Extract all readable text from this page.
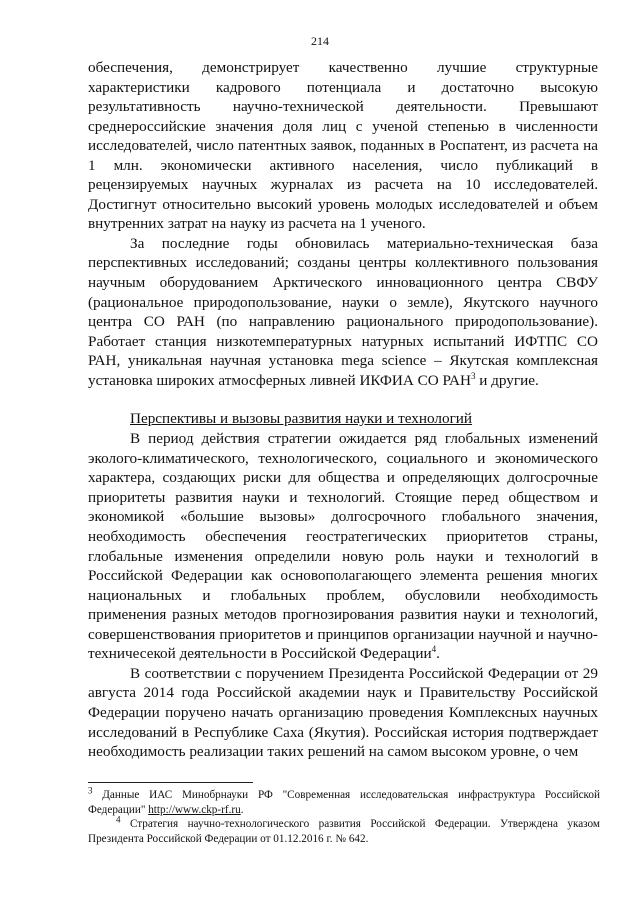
214

обеспечения, демонстрирует качественно лучшие структурные характеристики кадрового потенциала и достаточно высокую результативность научно-технической деятельности. Превышают среднероссийские значения доля лиц с ученой степенью в численности исследователей, число патентных заявок, поданных в Роспатент, из расчета на 1 млн. экономически активного населения, число публикаций в рецензируемых научных журналах из расчета на 10 исследователей. Достигнут относительно высокий уровень молодых исследователей и объем внутренних затрат на науку из расчета на 1 ученого.

За последние годы обновилась материально-техническая база перспективных исследований; созданы центры коллективного пользования научным оборудованием Арктического инновационного центра СВФУ (рациональное природопользование, науки о земле), Якутского научного центра СО РАН (по направлению рационального природопользование). Работает станция низкотемпературных натурных испытаний ИФТПС СО РАН, уникальная научная установка mega science – Якутская комплексная установка широких атмосферных ливней ИКФИА СО РАН$^3$ и другие.

Перспективы и вызовы развития науки и технологий

В период действия стратегии ожидается ряд глобальных изменений эколого-климатического, технологического, социального и экономического характера, создающих риски для общества и определяющих долгосрочные приоритеты развития науки и технологий. Стоящие перед обществом и экономикой «большие вызовы» долгосрочного глобального значения, необходимость обеспечения геостратегических приоритетов страны, глобальные изменения определили новую роль науки и технологий в Российской Федерации как основополагающего элемента решения многих национальных и глобальных проблем, обусловили необходимость применения разных методов прогнозирования развития науки и технологий, совершенствования приоритетов и принципов организации научной и научно-техничесекой деятельности в Российской Федерации$^4$.

В соответствии с поручением Президента Российской Федерации от 29 августа 2014 года Российской академии наук и Правительству Российской Федерации поручено начать организацию проведения Комплексных научных исследований в Республике Саха (Якутия). Российская история подтверждает необходимость реализации таких решений на самом высоком уровне, о чем

$^3$ Данные ИАС Минобрнауки РФ "Современная исследовательская инфраструктура Российской Федерации" http://www.ckp-rf.ru.

$^4$ Стратегия научно-технологического развития Российской Федерации. Утверждена указом Президента Российской Федерации от 01.12.2016 г. № 642.
